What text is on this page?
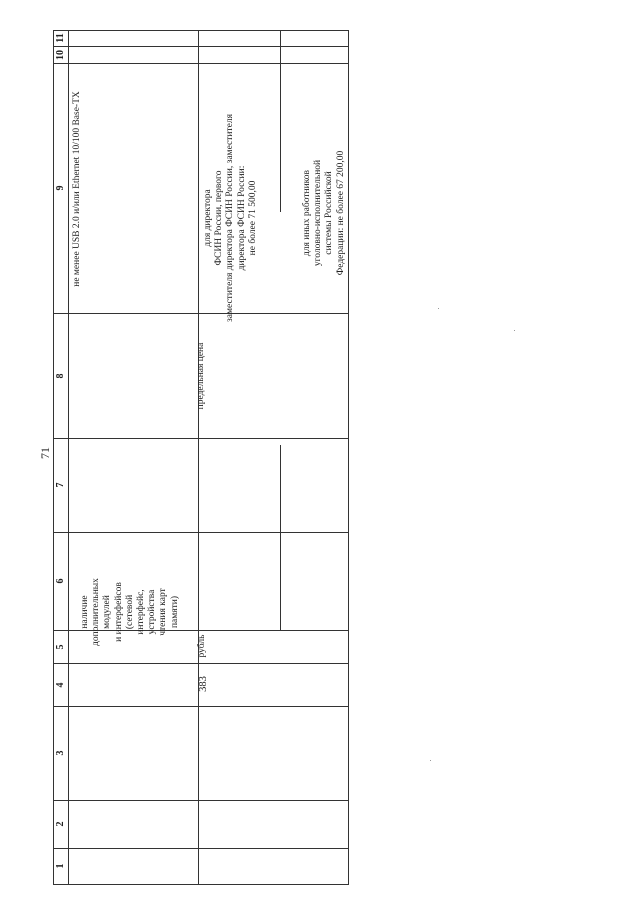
71
11
10
9
8
7
6
5
4
3
2
1
наличие
дополнительных
модулей
и интерфейсов
(сетевой
интерфейс,
устройства
чтения карт
памяти)
не менее USB 2.0 и/или Ethernet 10/100 Base-TX
383
рубль
предельная цена
для директора
ФСИН России, первого
заместителя директора ФСИН России, заместителя
директора ФСИН России:
не более 71 500,00
для иных работников
уголовно-исполнительной
системы Российской
Федерации: не более 67 200,00
